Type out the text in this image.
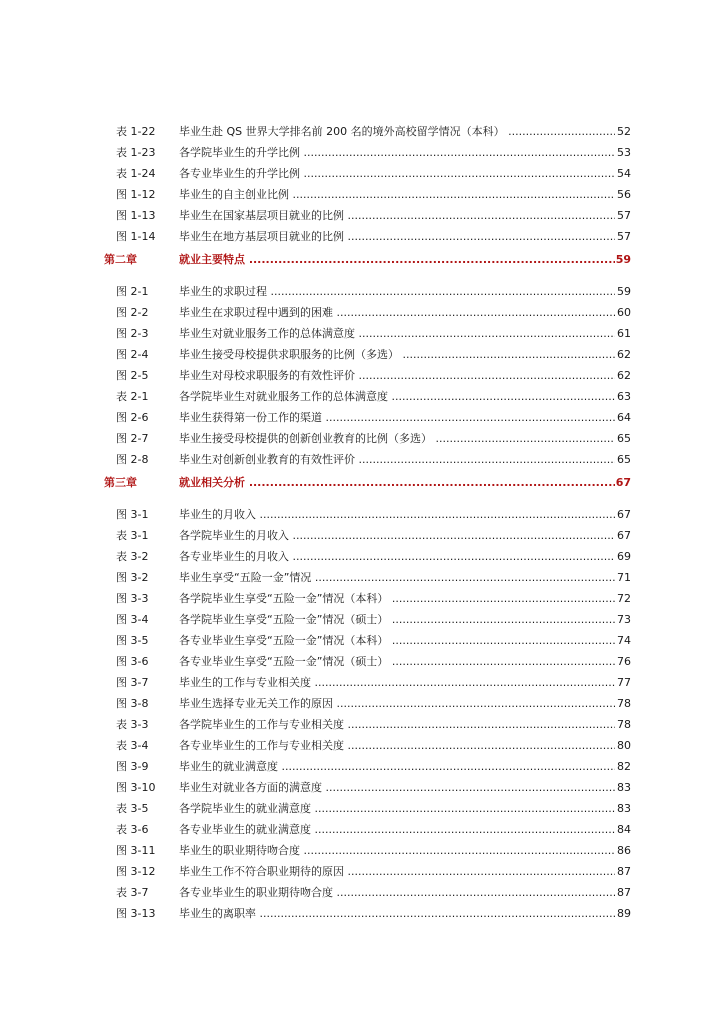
表 1-22	毕业生赴 QS 世界大学排名前 200 名的境外高校留学情况（本科） .....	52
表 1-23	各学院毕业生的升学比例 .....	53
表 1-24	各专业毕业生的升学比例 .....	54
图 1-12	毕业生的自主创业比例 .....	56
图 1-13	毕业生在国家基层项目就业的比例 .....	57
图 1-14	毕业生在地方基层项目就业的比例 .....	57
第二章	就业主要特点 .....	59
图 2-1	毕业生的求职过程 .....	59
图 2-2	毕业生在求职过程中遇到的困难 .....	60
图 2-3	毕业生对就业服务工作的总体满意度 .....	61
图 2-4	毕业生接受母校提供求职服务的比例（多选） .....	62
图 2-5	毕业生对母校求职服务的有效性评价 .....	62
表 2-1	各学院毕业生对就业服务工作的总体满意度 .....	63
图 2-6	毕业生获得第一份工作的渠道 .....	64
图 2-7	毕业生接受母校提供的创新创业教育的比例（多选） .....	65
图 2-8	毕业生对创新创业教育的有效性评价 .....	65
第三章	就业相关分析 .....	67
图 3-1	毕业生的月收入 .....	67
表 3-1	各学院毕业生的月收入 .....	67
表 3-2	各专业毕业生的月收入 .....	69
图 3-2	毕业生享受“五险一金”情况 .....	71
图 3-3	各学院毕业生享受“五险一金”情况（本科） .....	72
图 3-4	各学院毕业生享受“五险一金”情况（硕士） .....	73
图 3-5	各专业毕业生享受“五险一金”情况（本科） .....	74
图 3-6	各专业毕业生享受“五险一金”情况（硕士） .....	76
图 3-7	毕业生的工作与专业相关度 .....	77
图 3-8	毕业生选择专业无关工作的原因 .....	78
表 3-3	各学院毕业生的工作与专业相关度 .....	78
表 3-4	各专业毕业生的工作与专业相关度 .....	80
图 3-9	毕业生的就业满意度 .....	82
图 3-10	毕业生对就业各方面的满意度 .....	83
表 3-5	各学院毕业生的就业满意度 .....	83
表 3-6	各专业毕业生的就业满意度 .....	84
图 3-11	毕业生的职业期待吻合度 .....	86
图 3-12	毕业生工作不符合职业期待的原因 .....	87
表 3-7	各专业毕业生的职业期待吻合度 .....	87
图 3-13	毕业生的离职率 .....	89
